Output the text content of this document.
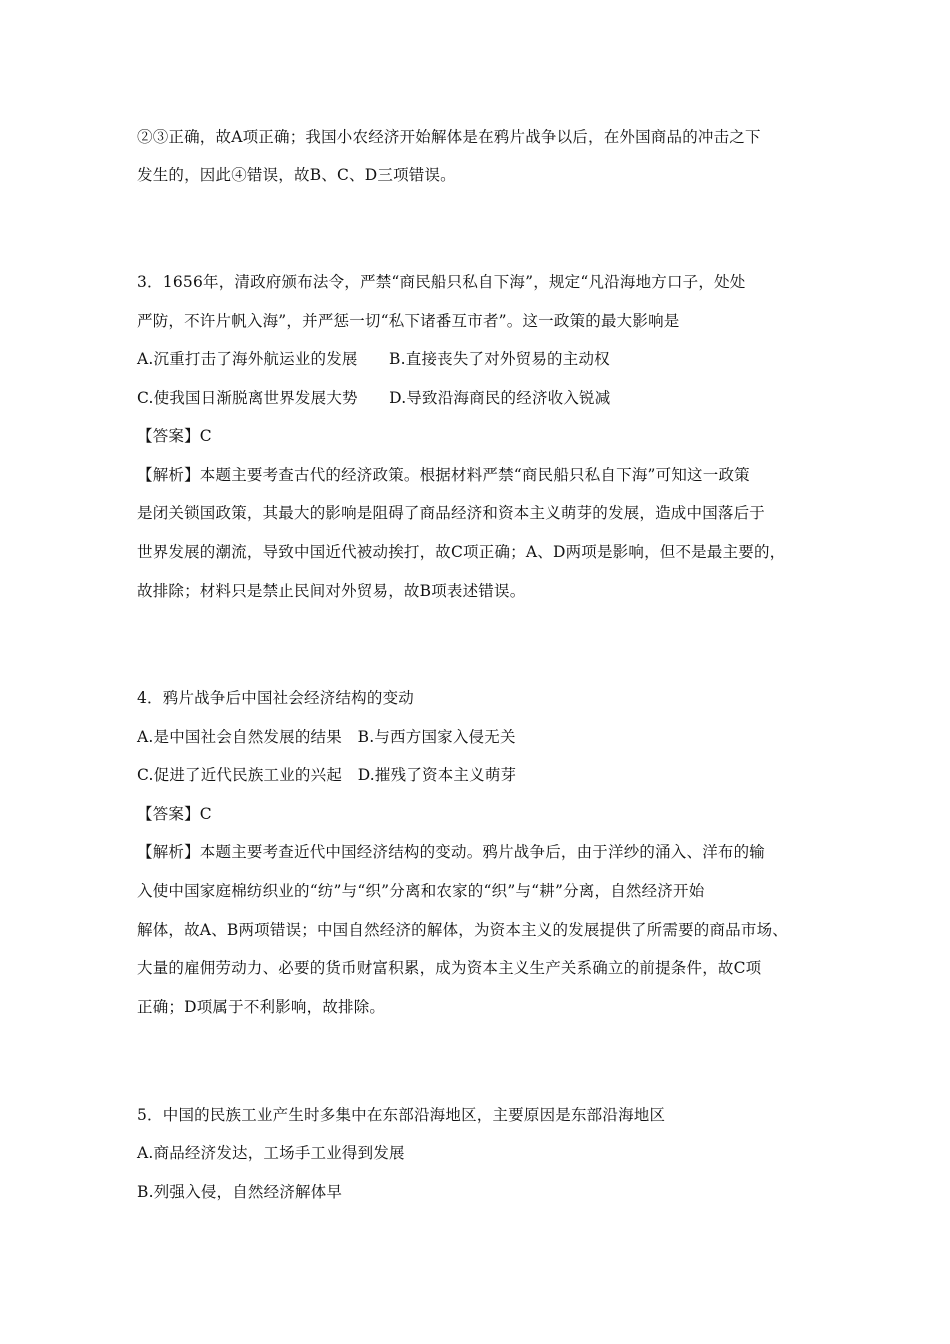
②③正确，故A项正确；我国小农经济开始解体是在鸦片战争以后，在外国商品的冲击之下
发生的，因此④错误，故B、C、D三项错误。
3．1656年，清政府颁布法令，严禁“商民船只私自下海”，规定“凡沿海地方口子，处处
严防，不许片帆入海”，并严惩一切“私下诸番互市者”。这一政策的最大影响是
A.沉重打击了海外航运业的发展　　B.直接丧失了对外贸易的主动权
C.使我国日渐脱离世界发展大势　　D.导致沿海商民的经济收入锐减
【答案】C
【解析】本题主要考查古代的经济政策。根据材料严禁“商民船只私自下海”可知这一政策
是闭关锁国政策，其最大的影响是阻碍了商品经济和资本主义萌芽的发展，造成中国落后于
世界发展的潮流，导致中国近代被动挨打，故C项正确；A、D两项是影响，但不是最主要的，
故排除；材料只是禁止民间对外贸易，故B项表述错误。
4．鸦片战争后中国社会经济结构的变动
A.是中国社会自然发展的结果　B.与西方国家入侵无关
C.促进了近代民族工业的兴起　D.摧残了资本主义萌芽
【答案】C
【解析】本题主要考查近代中国经济结构的变动。鸦片战争后，由于洋纱的涌入、洋布的输
入使中国家庭棉纺织业的“纺”与“织”分离和农家的“织”与“耕”分离，自然经济开始
解体，故A、B两项错误；中国自然经济的解体，为资本主义的发展提供了所需要的商品市场、
大量的雇佣劳动力、必要的货币财富积累，成为资本主义生产关系确立的前提条件，故C项
正确；D项属于不利影响，故排除。
5．中国的民族工业产生时多集中在东部沿海地区，主要原因是东部沿海地区
A.商品经济发达，工场手工业得到发展
B.列强入侵，自然经济解体早
